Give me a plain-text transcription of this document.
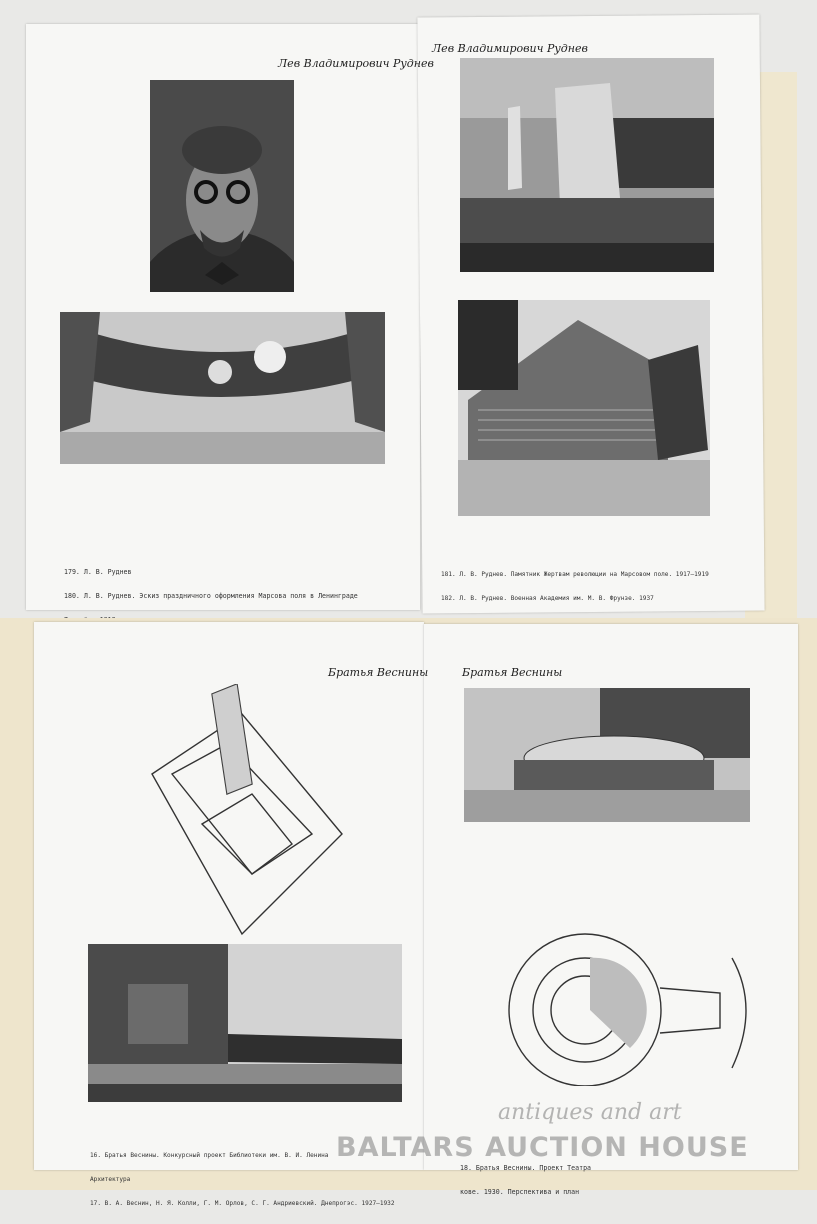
Лев Владимирович Руднев
Лев Владимирович Руднев

179. Л. В. Руднев

180. Л. В. Руднев. Эскиз праздничного оформления Марсова поля в Ленинграде

181. Л. В. Руднев. Памятник Жертвам революции на Марсовом поле. 1917—1919

182. Л. В. Руднев. Военная Академия им. М. В. Фрунзе. 1937

Братья Веснины	Братья Веснины

16. Братья Веснины. Конкурсный проект Библиотеки им. В. И. Ленина

Архитектура

17. В. А. Веснин, Н. Я. Колли, Г. М. Орлов, С. Г. Андриевский. Днепрогэс. 1927—1932

18. Братья Веснины. Проект Театра

кове. 1930. Перспектива и план

antiques and art
BALTARS AUCTION HOUSE
